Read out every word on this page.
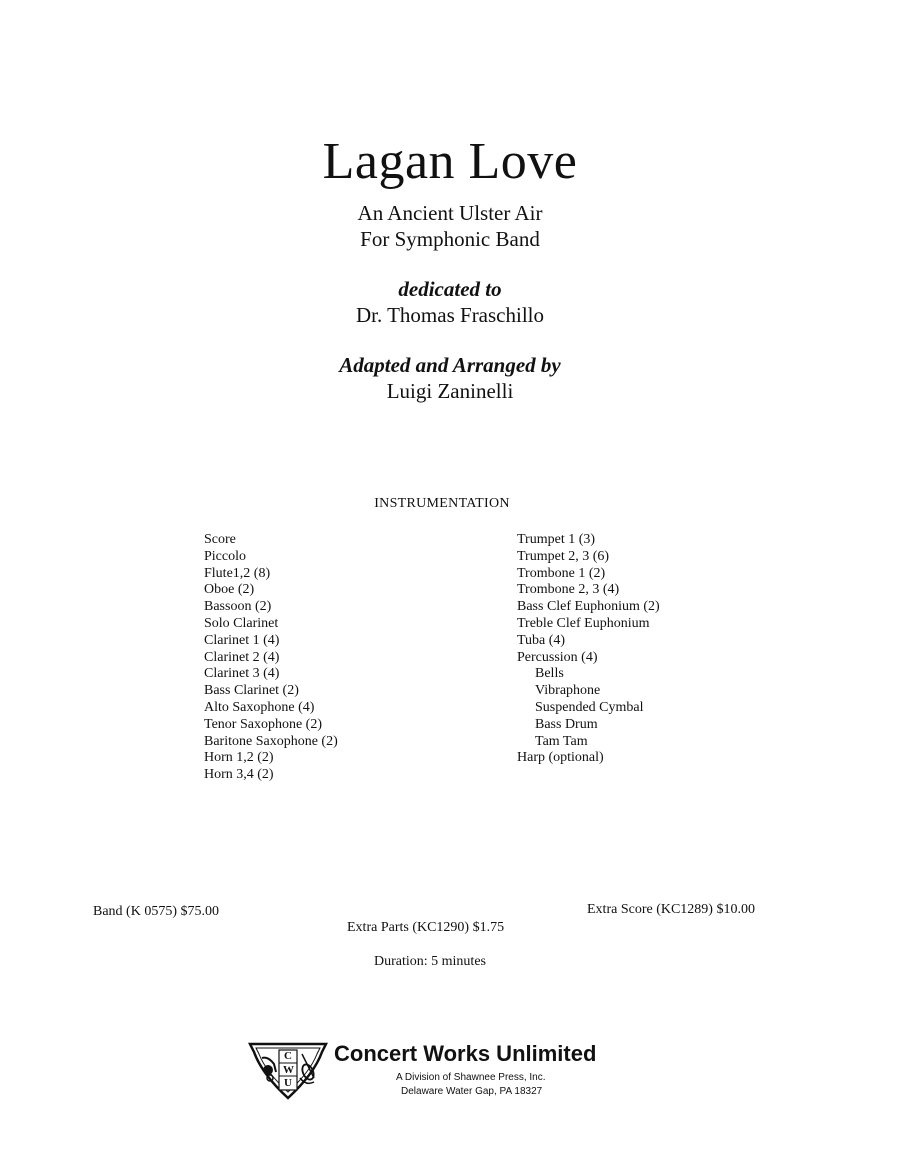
Lagan Love
An Ancient Ulster Air
For Symphonic Band
dedicated to
Dr. Thomas Fraschillo
Adapted and Arranged by
Luigi Zaninelli
INSTRUMENTATION
Score
Piccolo
Flute1,2 (8)
Oboe (2)
Bassoon (2)
Solo Clarinet
Clarinet 1 (4)
Clarinet 2 (4)
Clarinet 3 (4)
Bass Clarinet (2)
Alto Saxophone (4)
Tenor Saxophone (2)
Baritone Saxophone (2)
Horn 1,2 (2)
Horn 3,4 (2)
Trumpet 1 (3)
Trumpet 2, 3 (6)
Trombone 1 (2)
Trombone 2, 3 (4)
Bass Clef Euphonium (2)
Treble Clef Euphonium
Tuba (4)
Percussion (4)
Bells
Vibraphone
Suspended Cymbal
Bass Drum
Tam Tam
Harp (optional)
Band (K 0575) $75.00	Extra Score (KC1289) $10.00
Extra Parts (KC1290) $1.75
Duration: 5 minutes
C
W
U
Concert Works Unlimited
A Division of Shawnee Press, Inc.
Delaware Water Gap, PA 18327
